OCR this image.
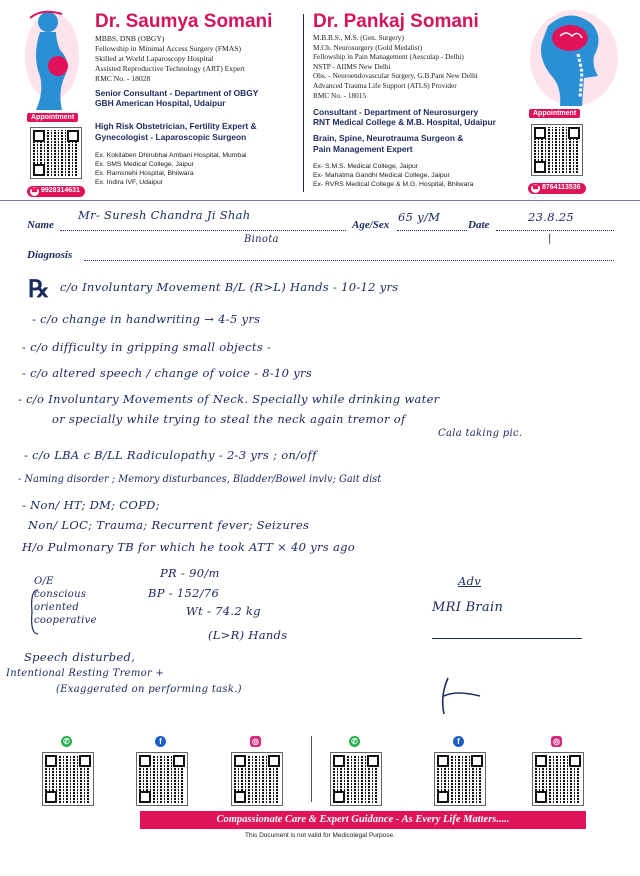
Appointment
☎ 9928314631
Dr. Saumya Somani
MBBS, DNB (OBGY)
Fellowship in Minimal Access Surgery (FMAS)
Skilled at World Laparoscopy Hospital
Assisted Reproductive Technology (ART) Expert
RMC No. - 18028
Senior Consultant - Department of OBGY
GBH American Hospital, Udaipur
High Risk Obstetrician, Fertility Expert &
Gynecologist - Laparoscopic Surgeon
Ex. Kokilaben Dhirubhai Ambani Hospital, Mumbai
Ex. SMS Medical College, Jaipur
Ex. Ramsnehi Hospital, Bhilwara
Ex. Indira IVF, Udaipur
Dr. Pankaj Somani
M.B.B.S., M.S. (Gen. Surgery)
M.Ch. Neurosurgery (Gold Medalist)
Fellowship in Pain Management (Aesculap - Delhi)
NSTP - AIIMS New Delhi
Obs. - Neuroendovascular Surgery, G.B.Pant New Delhi
Advanced Trauma Life Support (ATLS) Provider
RMC No. - 18015
Consultant - Department of Neurosurgery
RNT Medical College & M.B. Hospital, Udaipur
Brain, Spine, Neurotrauma Surgeon &
Pain Management Expert
Ex- S.M.S. Medical College, Jaipur
Ex- Mahatma Gandhi Medical College, Jaipur
Ex- RVRS Medical College & M.G. Hospital, Bhilwara
Appointment
☎ 8764113536
Name
Mr- Suresh Chandra Ji Shah
Binota
Age/Sex
65 y/M
Date
23.8.25
|
Diagnosis
℞ c/o Involuntary Movement B/L (R>L) Hands - 10-12 yrs
- c/o change in handwriting → 4-5 yrs
- c/o difficulty in gripping small objects -
- c/o altered speech / change of voice - 8-10 yrs
- c/o Involuntary Movements of Neck. Specially while drinking water
or specially while trying to steal the neck again tremor of
Cala taking pic.
- c/o LBA c B/LL Radiculopathy - 2-3 yrs ; on/off
- Naming disorder ; Memory disturbances, Bladder/Bowel invlv; Gait dist
- Non/ HT; DM; COPD;
Non/ LOC; Trauma; Recurrent fever; Seizures
H/o Pulmonary TB for which he took ATT × 40 yrs ago
O/E
conscious
oriented
cooperative
PR - 90/m
BP - 152/76
Wt - 74.2 kg
(L>R) Hands
Speech disturbed,
Intentional Resting Tremor +
(Exaggerated on performing task.)
Adv
MRI Brain
✆	f	◎	✆	f	◎
Compassionate Care & Expert Guidance - As Every Life Matters.....
This Document is not valid for Medicolegal Purpose.
